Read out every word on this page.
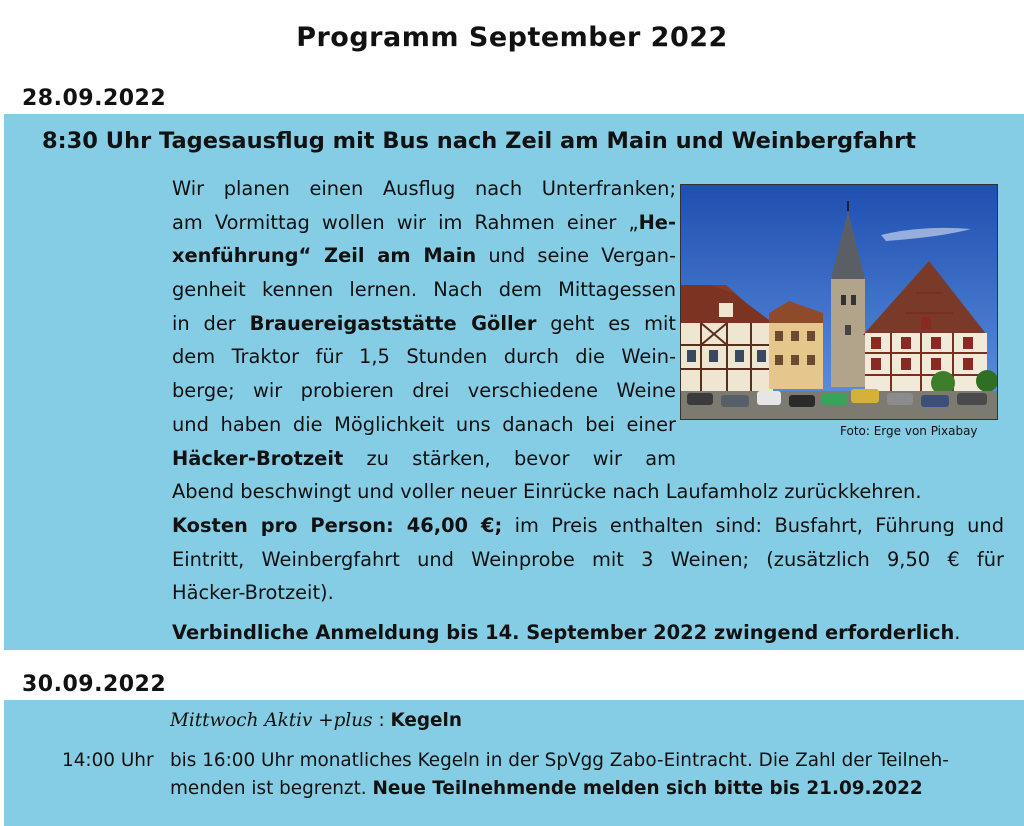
Programm September 2022
28.09.2022
8:30 Uhr Tagesausflug mit Bus nach Zeil am Main und Weinbergfahrt
Wir planen einen Ausflug nach Unterfranken;
am Vormittag wollen wir im Rahmen einer „He-
xenführung“ Zeil am Main und seine Vergan-
genheit kennen lernen. Nach dem Mittagessen
in der Brauereigaststätte Göller geht es mit
dem Traktor für 1,5 Stunden durch die Wein-
berge; wir probieren drei verschiedene Weine
und haben die Möglichkeit uns danach bei einer
Häcker-Brotzeit zu stärken, bevor wir am
Abend beschwingt und voller neuer Einrücke nach Laufamholz zurückkehren.
Kosten pro Person: 46,00 €; im Preis enthalten sind: Busfahrt, Führung und
Eintritt, Weinbergfahrt und Weinprobe mit 3 Weinen; (zusätzlich 9,50 € für
Häcker-Brotzeit).
Verbindliche Anmeldung bis 14. September 2022 zwingend erforderlich.
Foto: Erge von Pixabay
30.09.2022
Mittwoch Aktiv +plus : Kegeln
14:00 Uhr bis 16:00 Uhr monatliches Kegeln in der SpVgg Zabo-Eintracht. Die Zahl der Teilneh-
menden ist begrenzt. Neue Teilnehmende melden sich bitte bis 21.09.2022
